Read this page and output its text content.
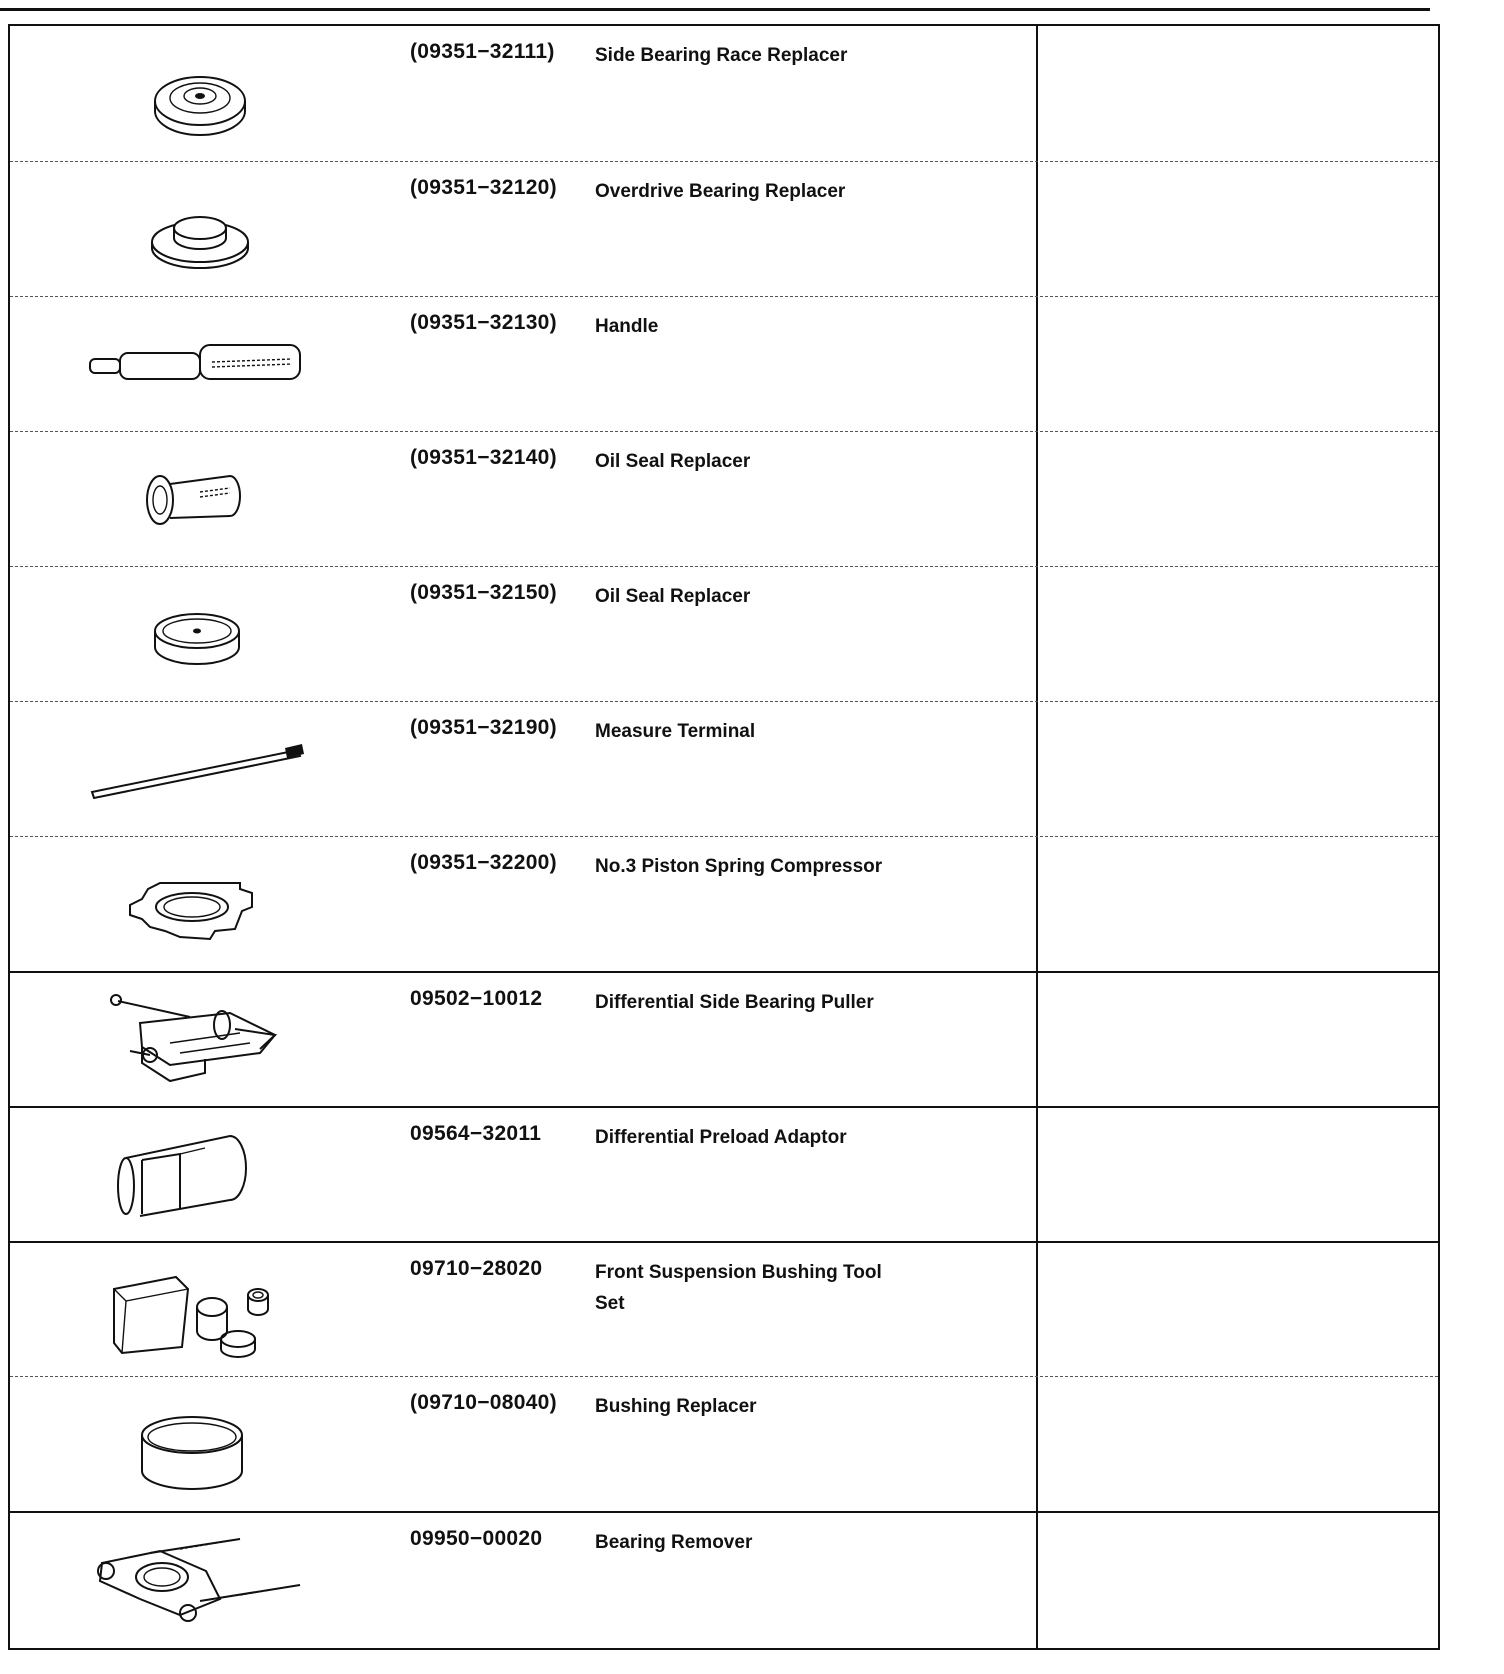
(09351−32111) Side Bearing Race Replacer
(09351−32120) Overdrive Bearing Replacer
(09351−32130) Handle
(09351−32140) Oil Seal Replacer
(09351−32150) Oil Seal Replacer
(09351−32190) Measure Terminal
(09351−32200) No.3 Piston Spring Compressor
09502−10012	Differential Side Bearing Puller
09564−32011	Differential Preload Adaptor
09710−28020	Front Suspension Bushing Tool
Set
(09710−08040) Bushing Replacer
09950−00020	Bearing Remover
